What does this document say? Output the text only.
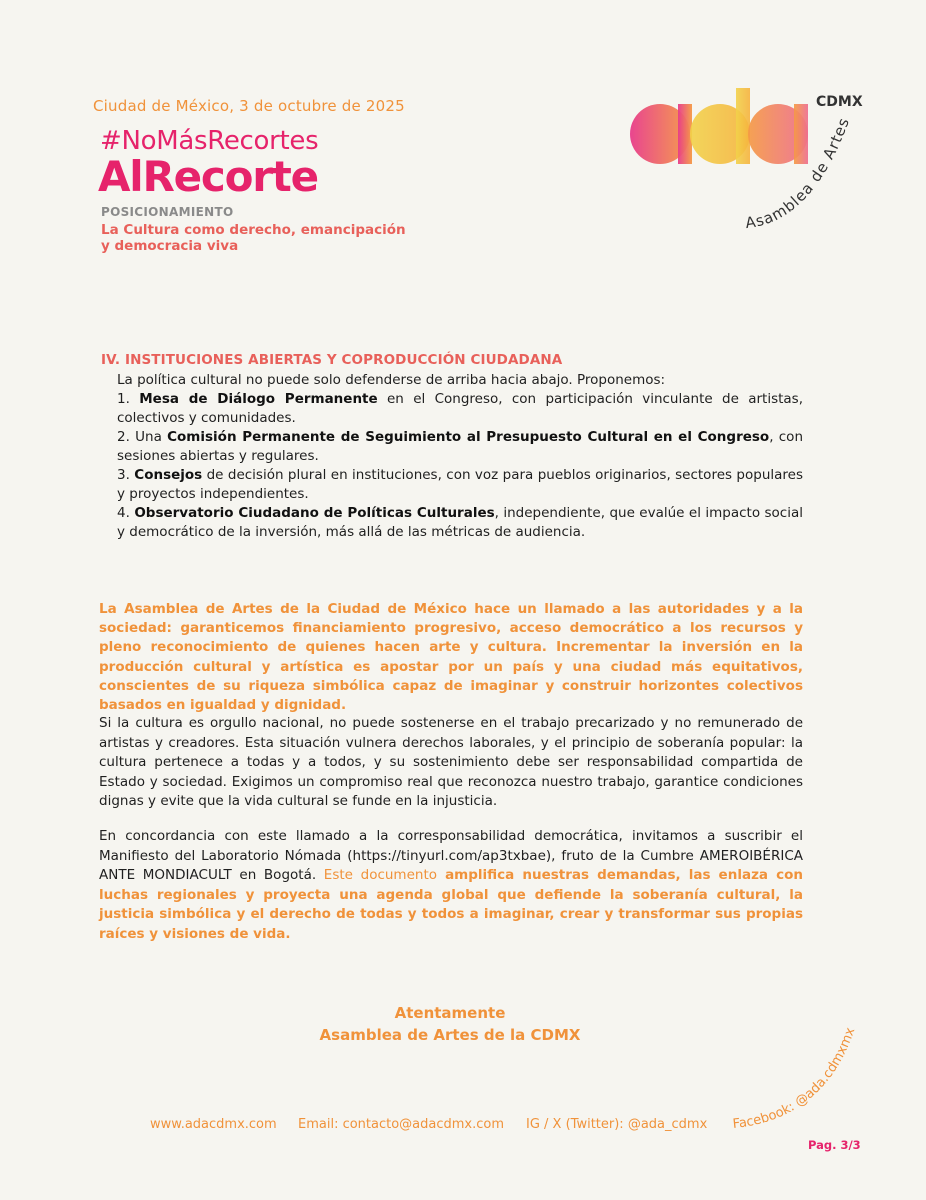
Ciudad de México, 3 de octubre de 2025
#NoMásRecortes
AlRecorte
POSICIONAMIENTO
La Cultura como derecho, emancipación
y democracia viva
CDMX
Asamblea de Artes
IV. INSTITUCIONES ABIERTAS Y COPRODUCCIÓN CIUDADANA
La política cultural no puede solo defenderse de arriba hacia abajo. Proponemos:
1. Mesa de Diálogo Permanente en el Congreso, con participación vinculante de artistas, colectivos y comunidades.
2. Una Comisión Permanente de Seguimiento al Presupuesto Cultural en el Congreso, con sesiones abiertas y regulares.
3. Consejos de decisión plural en instituciones, con voz para pueblos originarios, sectores populares y proyectos independientes.
4. Observatorio Ciudadano de Políticas Culturales, independiente, que evalúe el impacto social y democrático de la inversión, más allá de las métricas de audiencia.
La Asamblea de Artes de la Ciudad de México hace un llamado a las autoridades y a la sociedad: garanticemos financiamiento progresivo, acceso democrático a los recursos y pleno reconocimiento de quienes hacen arte y cultura. Incrementar la inversión en la producción cultural y artística es apostar por un país y una ciudad más equitativos, conscientes de su riqueza simbólica capaz de imaginar y construir horizontes colectivos basados en igualdad y dignidad.
Si la cultura es orgullo nacional, no puede sostenerse en el trabajo precarizado y no remunerado de artistas y creadores. Esta situación vulnera derechos laborales, y el principio de soberanía popular: la cultura pertenece a todas y a todos, y su sostenimiento debe ser responsabilidad compartida de Estado y sociedad. Exigimos un compromiso real que reconozca nuestro trabajo, garantice condiciones dignas y evite que la vida cultural se funde en la injusticia.
En concordancia con este llamado a la corresponsabilidad democrática, invitamos a suscribir el Manifiesto del Laboratorio Nómada (https://tinyurl.com/ap3txbae), fruto de la Cumbre AMEROIBÉRICA ANTE MONDIACULT en Bogotá. Este documento amplifica nuestras demandas, las enlaza con luchas regionales y proyecta una agenda global que defiende la soberanía cultural, la justicia simbólica y el derecho de todas y todos a imaginar, crear y transformar sus propias raíces y visiones de vida.
Atentamente
Asamblea de Artes de la CDMX
www.adacdmx.com Email: contacto@adacdmx.com IG / X (Twitter): @ada_cdmx Facebook: @ada.cdmxmx
Pag. 3/3
